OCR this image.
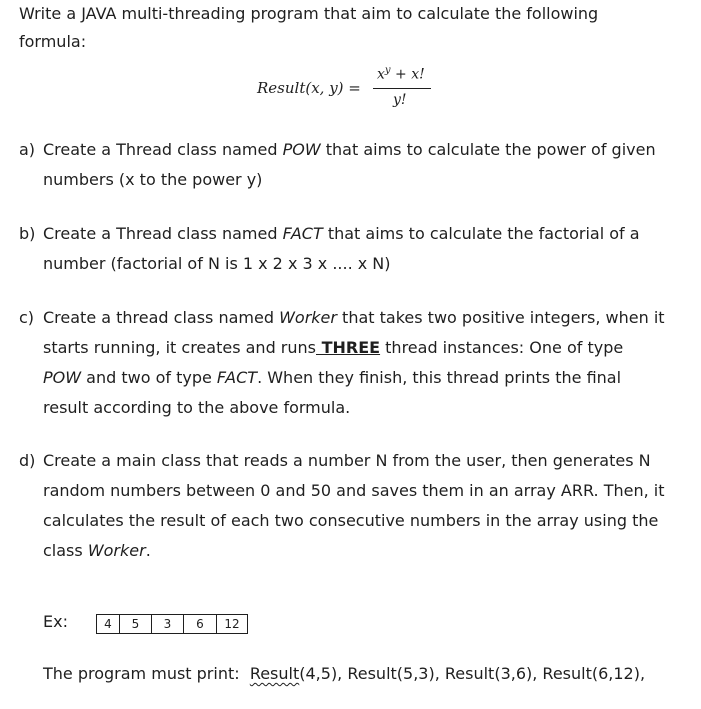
Write a JAVA multi-threading program that aim to calculate the following
formula:
Result(x, y) =
$x^y + x$!
y!
a) Create a Thread class named POW that aims to calculate the power of given
numbers (x to the power y)
b) Create a Thread class named FACT that aims to calculate the factorial of a
number (factorial of N is 1 x 2 x 3 x .... x N)
c) Create a thread class named Worker that takes two positive integers, when it
starts running, it creates and runs THREE thread instances: One of type
POW and two of type FACT. When they finish, this thread prints the final
result according to the above formula.
d) Create a main class that reads a number N from the user, then generates N
random numbers between 0 and 50 and saves them in an array ARR. Then, it
calculates the result of each two consecutive numbers in the array using the
class Worker.
Ex:	4	5	3	6	12
The program must print:  Result(4,5), Result(5,3), Result(3,6), Result(6,12),
